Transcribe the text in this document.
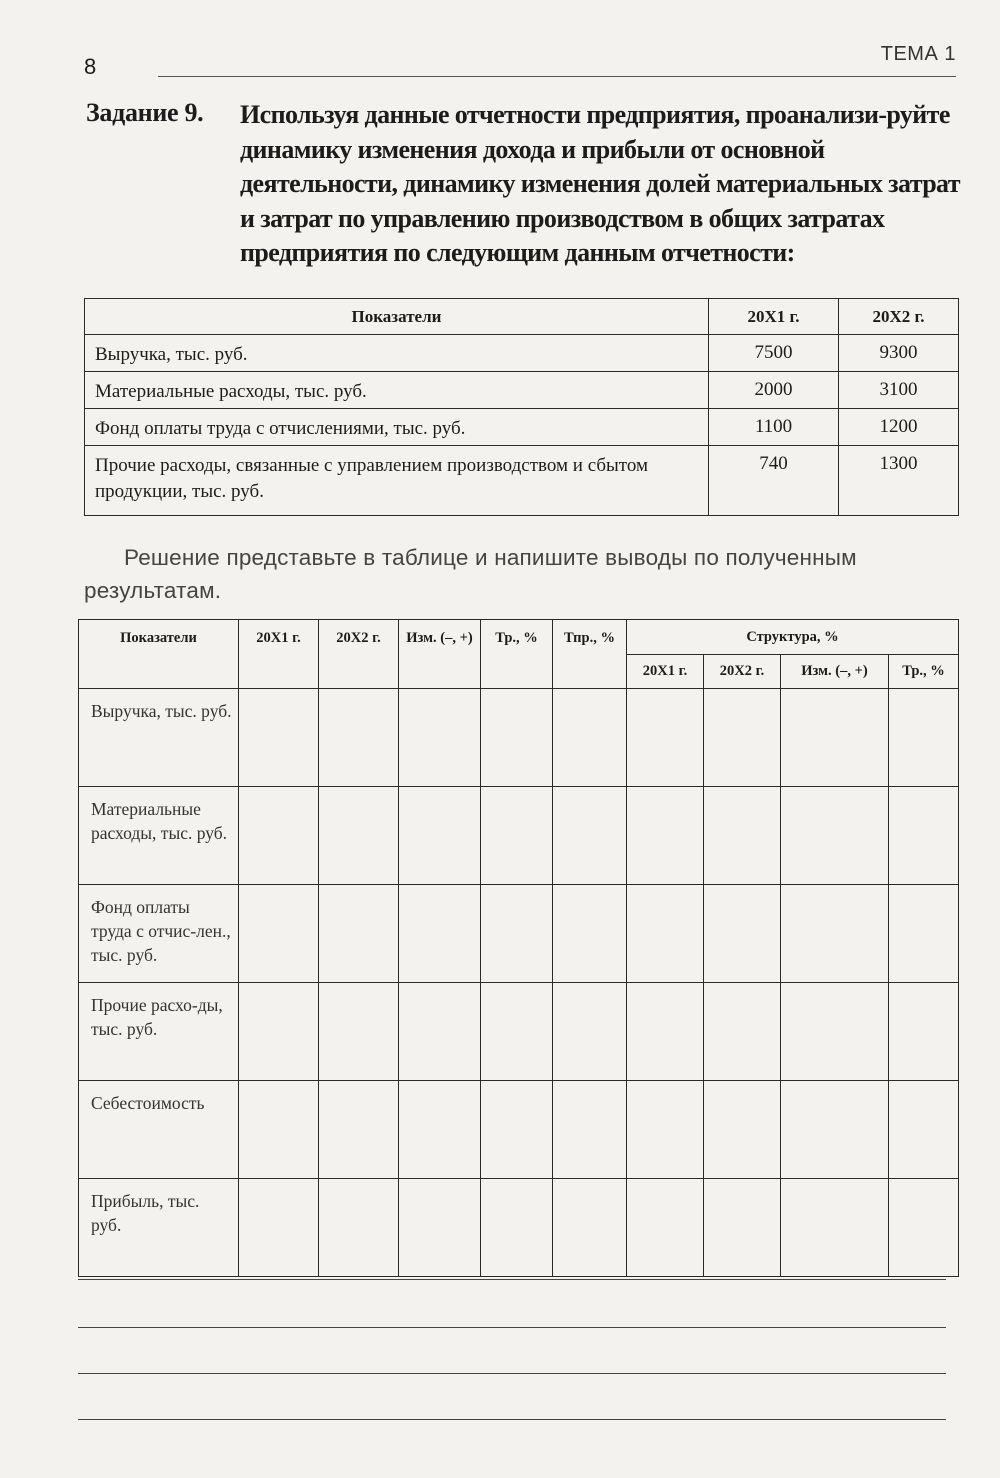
8	ТЕМА 1
Задание 9. Используя данные отчетности предприятия, проанализи-руйте динамику изменения дохода и прибыли от основной деятельности, динамику изменения долей материальных затрат и затрат по управлению производством в общих затратах предприятия по следующим данным отчетности:
Показатели	20X1 г.	20X2 г.
Выручка, тыс. руб.	7500	9300
Материальные расходы, тыс. руб.	2000	3100
Фонд оплаты труда с отчислениями, тыс. руб.	1100	1200
Прочие расходы, связанные с управлением производством и сбытом продукции, тыс. руб.	740	1300
Решение представьте в таблице и напишите выводы по полученным результатам.
Показатели	20X1 г.	20X2 г.	Изм. (–, +)	Тр., %	Тпр., %	Структура, %			
						20X1 г.	20X2 г.	Изм. (–, +)	Тр., %
Выручка, тыс. руб.									
Материальные расходы, тыс. руб.									
Фонд оплаты труда с отчис-лен., тыс. руб.									
Прочие расхо-ды, тыс. руб.									
Себестоимость									
Прибыль, тыс. руб.									
